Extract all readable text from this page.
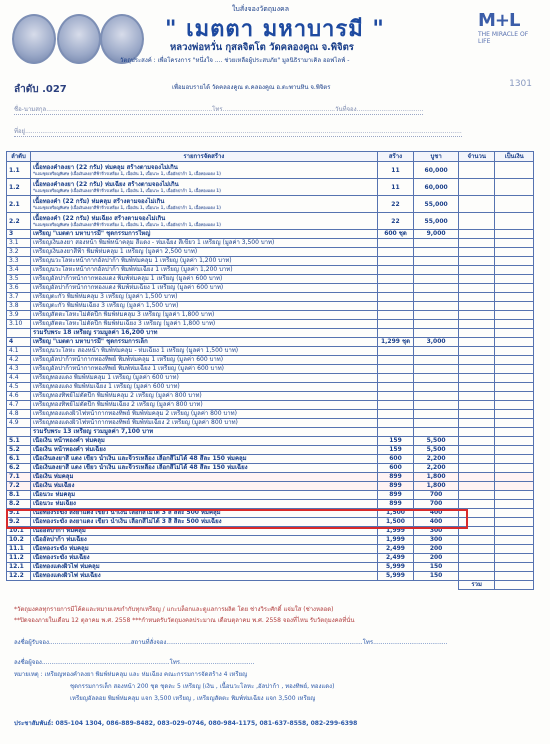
ใบสั่งจองวัตถุมงคล
" เมตตา มหาบารมี "
หลวงพ่อหวั่น กุสลจิตโต วัดคลองคูณ จ.พิจิตร
วัตถุประสงค์ : เพื่อโครงการ "หนึ่งใจ .... ช่วยเหลือผู้ประสบภัย" มูลนิธิรามาเคิล ออฟไลฟ์ -
เพื่อมอบรายได้ วัดคลองคูณ ต.คลองคูณ อ.ตะพานหิน จ.พิจิตร
M+L
THE MIRACLE OF LIFE
ลำดับ .027	1301
ชื่อ-นามสกุล.......................................................................................โทร...........................................................วันที่จอง...................................
ที่อยู่.....................................................................................................................................................................................................................................
ลำดับ	รายการจัดสร้าง	สร้าง	บูชา	จำนวน	เป็นเงิน
1.1	เนื้อทองคำลงยา (22 กรัม) ห่มคลุม สร้างตามจองไม่เกิน
*แถมชุดเหรียญพิเศษ (เนื้อเงินลงยาสีฟ้าจีวรเหลือง 1, เนื้อเงิน 1, เนื้อนวะ 1, เนื้ออัลปาก้า 1, เนื้อทองแดง 1)	11	60,000		
1.2	เนื้อทองคำลงยา (22 กรัม) ห่มเฉียง สร้างตามจองไม่เกิน
*แถมชุดเหรียญพิเศษ (เนื้อเงินลงยาสีฟ้าจีวรเหลือง 1, เนื้อเงิน 1, เนื้อนวะ 1, เนื้ออัลปาก้า 1, เนื้อทองแดง 1)	11	60,000		
2.1	เนื้อทองคำ (22 กรัม) ห่มคลุม สร้างตามจองไม่เกิน
*แถมชุดเหรียญพิเศษ (เนื้อเงินลงยาสีฟ้าจีวรเหลือง 1, เนื้อเงิน 1, เนื้อนวะ 1, เนื้ออัลปาก้า 1, เนื้อทองแดง 1)	22	55,000		
2.2	เนื้อทองคำ (22 กรัม) ห่มเฉียง สร้างตามจองไม่เกิน
*แถมชุดเหรียญพิเศษ (เนื้อเงินลงยาสีฟ้าจีวรเหลือง 1, เนื้อเงิน 1, เนื้อนวะ 1, เนื้ออัลปาก้า 1, เนื้อทองแดง 1)	22	55,000		
3	เหรียญ "เมตตา มหาบารมี" ชุดกรรมการใหญ่	600 ชุด	9,000		
3.1	เหรียญเงินลงยา สองหน้า พิมพ์หน้าคลุม สีแดง - ห่มเฉียง สีเขียว 1 เหรียญ (มูลค่า 3,500 บาท)				
3.2	เหรียญเงินลงยาสีฟ้า พิมพ์ห่มคลุม 1 เหรียญ (มูลค่า 2,500 บาท)				
3.3	เหรียญนวะโลหะหน้ากากอัลปาก้า พิมพ์ห่มคลุม 1 เหรียญ (มูลค่า 1,200 บาท)				
3.4	เหรียญนวะโลหะหน้ากากอัลปาก้า พิมพ์ห่มเฉียง 1 เหรียญ (มูลค่า 1,200 บาท)				
3.5	เหรียญอัลปาก้าหน้ากากทองแดง พิมพ์ห่มคลุม 1 เหรียญ (มูลค่า 600 บาท)				
3.6	เหรียญอัลปาก้าหน้ากากทองแดง พิมพ์ห่มเฉียง 1 เหรียญ (มูลค่า 600 บาท)				
3.7	เหรียญตะกั่ว พิมพ์ห่มคลุม 3 เหรียญ (มูลค่า 1,500 บาท)				
3.8	เหรียญตะกั่ว พิมพ์ห่มเฉียง 3 เหรียญ (มูลค่า 1,500 บาท)				
3.9	เหรียญสัตตะโลหะไม่ตัดปีก พิมพ์ห่มคลุม 3 เหรียญ (มูลค่า 1,800 บาท)				
3.10	เหรียญสัตตะโลหะไม่ตัดปีก พิมพ์ห่มเฉียง 3 เหรียญ (มูลค่า 1,800 บาท)				
	รวมรับพระ 18 เหรียญ รวมมูลค่า 16,200 บาท				
4	เหรียญ "เมตตา มหาบารมี" ชุดกรรมการเล็ก	1,299 ชุด	3,000		
4.1	เหรียญนวะโลหะ สองหน้า พิมพ์ห่มคลุม - ห่มเฉียง 1 เหรียญ (มูลค่า 1,500 บาท)				
4.2	เหรียญอัลปาก้าหน้ากากทองทิพย์ พิมพ์ห่มคลุม 1 เหรียญ (มูลค่า 600 บาท)				
4.3	เหรียญอัลปาก้าหน้ากากทองทิพย์ พิมพ์ห่มเฉียง 1 เหรียญ (มูลค่า 600 บาท)				
4.4	เหรียญทองแดง พิมพ์ห่มคลุม 1 เหรียญ (มูลค่า 600 บาท)				
4.5	เหรียญทองแดง พิมพ์ห่มเฉียง 1 เหรียญ (มูลค่า 600 บาท)				
4.6	เหรียญทองทิพย์ไม่ตัดปีก พิมพ์ห่มคลุม 2 เหรียญ (มูลค่า 800 บาท)				
4.7	เหรียญทองทิพย์ไม่ตัดปีก พิมพ์ห่มเฉียง 2 เหรียญ (มูลค่า 800 บาท)				
4.8	เหรียญทองแดงผิวไฟหน้ากากทองทิพย์ พิมพ์ห่มคลุม 2 เหรียญ (มูลค่า 800 บาท)				
4.9	เหรียญทองแดงผิวไฟหน้ากากทองทิพย์ พิมพ์ห่มเฉียง 2 เหรียญ (มูลค่า 800 บาท)				
	รวมรับพระ 13 เหรียญ รวมมูลค่า 7,100 บาท				
5.1	เนื้อเงิน หน้าทองคำ ห่มคลุม	159	5,500		
5.2	เนื้อเงิน หน้าทองคำ ห่มเฉียง	159	5,500		
6.1	เนื้อเงินลงยาสี แดง เขียว น้ำเงิน และจีวรเหลือง เลือกสีไม่ได้ 48 สี๊ละ 150 ห่มคลุม	600	2,200		
6.2	เนื้อเงินลงยาสี แดง เขียว น้ำเงิน และจีวรเหลือง เลือกสีไม่ได้ 48 สี๊ละ 150 ห่มเฉียง	600	2,200		
7.1	เนื้อเงิน ห่มคลุม	899	1,800		
7.2	เนื้อเงิน ห่มเฉียง	899	1,800		
8.1	เนื้อนวะ ห่มคลุม	899	700		
8.2	เนื้อนวะ ห่มเฉียง	899	700		
9.1	เนื้อทองระฆัง ลงยาแดง เขียว น้ำเงิน เลือกสีไม่ได้ 3 สี สีละ 500 ห่มคลุม	1,500	400		
9.2	เนื้อทองระฆัง ลงยาแดง เขียว น้ำเงิน เลือกสีไม่ได้ 3 สี สีละ 500 ห่มเฉียง	1,500	400		
10.1	เนื้ออัลปาก้า ห่มคลุม	1,999	300		
10.2	เนื้ออัลปาก้า ห่มเฉียง	1,999	300		
11.1	เนื้อทองระฆัง ห่มคลุม	2,499	200		
11.2	เนื้อทองระฆัง ห่มเฉียง	2,499	200		
12.1	เนื้อทองแดงผิวไฟ ห่มคลุม	5,999	150		
12.2	เนื้อทองแดงผิวไฟ ห่มเฉียง	5,999	150		
				รวม	
*วัตถุมงคลทุกรายการมีโค้ดและหมายเลขกำกับทุกเหรียญ / แกะบล็อกและดูแลการผลิต โดย ช่างวิระศักดิ์ แจ่มใส (ช่างหลอด)
**ปิดจองภายในเดือน 12 ตุลาคม พ.ศ. 2558 ***กำหนดรับวัตถุมงคลประมาณ เดือนตุลาคม พ.ศ. 2558 จองที่ไหน รับวัตถุมงคลที่นั่น
ลงชื่อผู้รับจอง...........................................สถานที่สั่งจอง.......................................................................................................โทร.......................................
ลงชื่อผู้จอง...................................................................โทร.......................................
หมายเหตุ : เหรียญทองคำลงยา พิมพ์ห่มคลุม และ ห่มเฉียง คณะกรรมการจัดสร้าง 4 เหรียญ
ชุดกรรมการเล็ก สองหน้า 200 ชุด ชุดละ 5 เหรียญ (เงิน , เนื้อนวะโลหะ ,อัลปาก้า , ทองทิพย์, ทองแดง)
เหรียญอัลลอย พิมพ์ห่มคลุม แจก 3,500 เหรียญ , เหรียญสัตตะ พิมพ์ห่มเฉียง แจก 3,500 เหรียญ
ประชาสัมพันธ์: 085-104 1304, 086-889-8482, 083-029-0746, 080-984-1175, 081-637-8558, 082-299-6398
